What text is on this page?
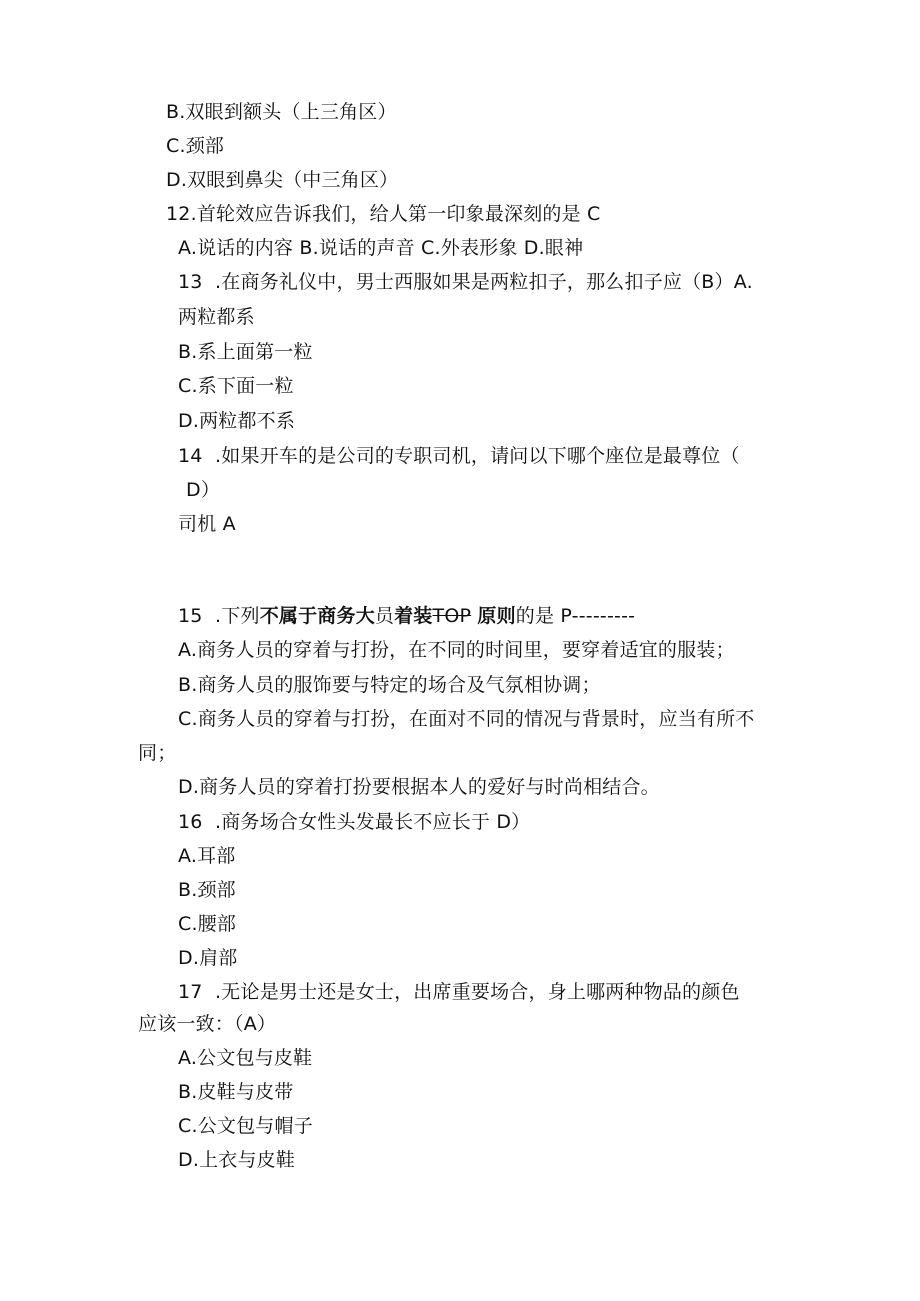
B.双眼到额头（上三角区）
C.颈部
D.双眼到鼻尖（中三角区）
12.首轮效应告诉我们，给人第一印象最深刻的是 C
A.说话的内容 B.说话的声音 C.外表形象 D.眼神
13  .在商务礼仪中，男士西服如果是两粒扣子，那么扣子应（B）A.
两粒都系
B.系上面第一粒
C.系下面一粒
D.两粒都不系
14  .如果开车的是公司的专职司机，请问以下哪个座位是最尊位（
D）
司机 A
15  .下列不属于商务大员着装TOP 原则的是 P---------
A.商务人员的穿着与打扮，在不同的时间里，要穿着适宜的服装；
B.商务人员的服饰要与特定的场合及气氛相协调；
C.商务人员的穿着与打扮，在面对不同的情况与背景时，应当有所不
同；
D.商务人员的穿着打扮要根据本人的爱好与时尚相结合。
16  .商务场合女性头发最长不应长于 D）
A.耳部
B.颈部
C.腰部
D.肩部
17  .无论是男士还是女士，出席重要场合，身上哪两种物品的颜色
应该一致：（A）
A.公文包与皮鞋
B.皮鞋与皮带
C.公文包与帽子
D.上衣与皮鞋
